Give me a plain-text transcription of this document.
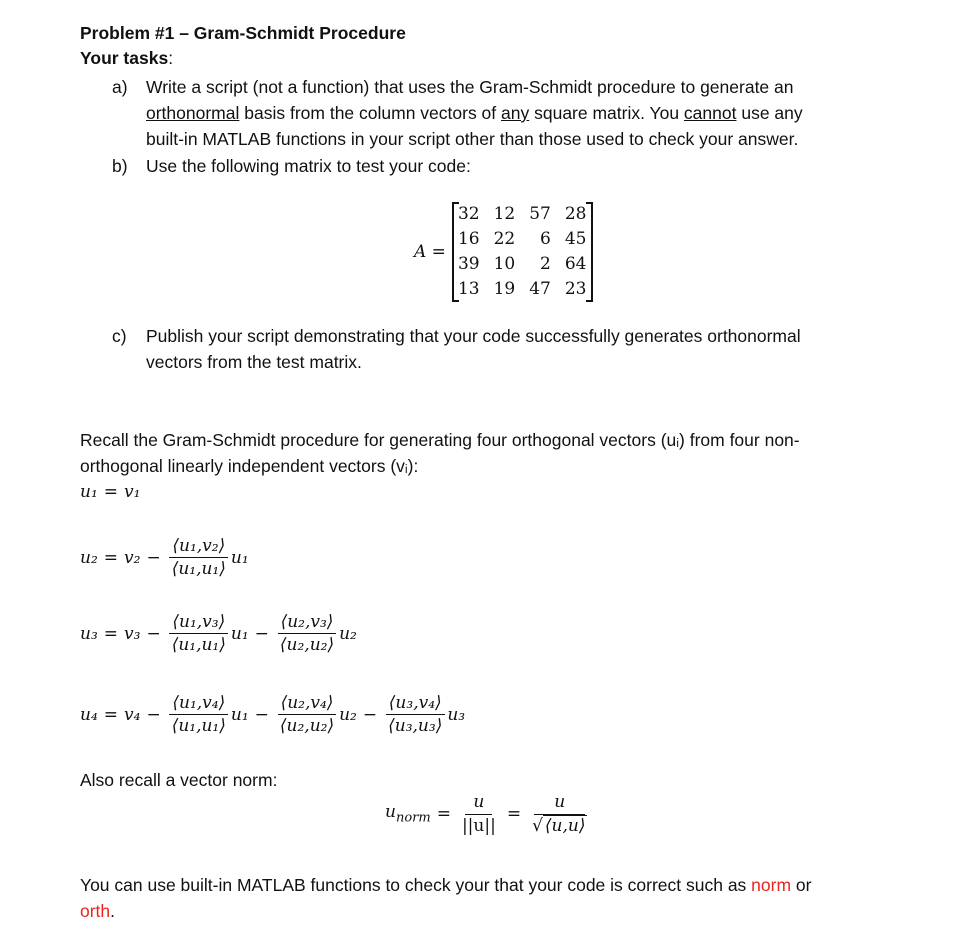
Problem #1 – Gram-Schmidt Procedure
Your tasks:
a) Write a script (not a function) that uses the Gram-Schmidt procedure to generate an
orthonormal basis from the column vectors of any square matrix. You cannot use any
built-in MATLAB functions in your script other than those used to check your answer.
b) Use the following matrix to test your code:
A =
32 12 57 28
16 22	6 45
39 10	2 64
13 19 47 23
c) Publish your script demonstrating that your code successfully generates orthonormal
vectors from the test matrix.
Recall the Gram-Schmidt procedure for generating four orthogonal vectors (uᵢ) from four non-
orthogonal linearly independent vectors (vᵢ):
u₁ = v₁
$u_2 = v_2 - \frac{\text{⟨u₁,v₂⟩}}{\text{⟨u₁,u₁⟩}} u_1$
$u_3 = v_3 - \frac{\text{⟨u₁,v₃⟩}}{\text{⟨u₁,u₁⟩}} u_1 - \frac{\text{⟨u₂,v₃⟩}}{\text{⟨u₂,u₂⟩}} u_2$
$u_4 = v_4 - \frac{\text{⟨u₁,v₄⟩}}{\text{⟨u₁,u₁⟩}} u_1 - \frac{\text{⟨u₂,v₄⟩}}{\text{⟨u₂,u₂⟩}} u_2 - \frac{\text{⟨u₃,v₄⟩}}{\text{⟨u₃,u₃⟩}} u_3$
Also recall a vector norm:
$u_{norm} = \frac{u}{||u||} = \frac{u}{√ ⟨u,u⟩}$
You can use built-in MATLAB functions to check your that your code is correct such as norm or
orth.
